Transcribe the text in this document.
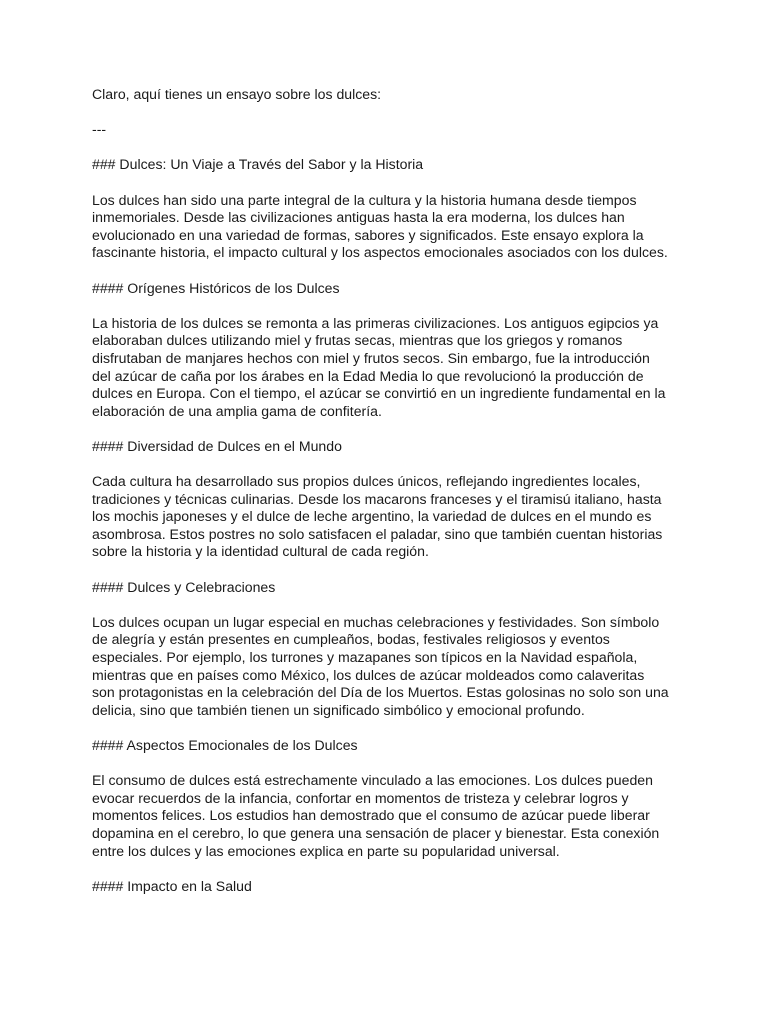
Claro, aquí tienes un ensayo sobre los dulces:

---

### Dulces: Un Viaje a Través del Sabor y la Historia

Los dulces han sido una parte integral de la cultura y la historia humana desde tiempos
inmemoriales. Desde las civilizaciones antiguas hasta la era moderna, los dulces han
evolucionado en una variedad de formas, sabores y significados. Este ensayo explora la
fascinante historia, el impacto cultural y los aspectos emocionales asociados con los dulces.

#### Orígenes Históricos de los Dulces

La historia de los dulces se remonta a las primeras civilizaciones. Los antiguos egipcios ya
elaboraban dulces utilizando miel y frutas secas, mientras que los griegos y romanos
disfrutaban de manjares hechos con miel y frutos secos. Sin embargo, fue la introducción
del azúcar de caña por los árabes en la Edad Media lo que revolucionó la producción de
dulces en Europa. Con el tiempo, el azúcar se convirtió en un ingrediente fundamental en la
elaboración de una amplia gama de confitería.

#### Diversidad de Dulces en el Mundo

Cada cultura ha desarrollado sus propios dulces únicos, reflejando ingredientes locales,
tradiciones y técnicas culinarias. Desde los macarons franceses y el tiramisú italiano, hasta
los mochis japoneses y el dulce de leche argentino, la variedad de dulces en el mundo es
asombrosa. Estos postres no solo satisfacen el paladar, sino que también cuentan historias
sobre la historia y la identidad cultural de cada región.

#### Dulces y Celebraciones

Los dulces ocupan un lugar especial en muchas celebraciones y festividades. Son símbolo
de alegría y están presentes en cumpleaños, bodas, festivales religiosos y eventos
especiales. Por ejemplo, los turrones y mazapanes son típicos en la Navidad española,
mientras que en países como México, los dulces de azúcar moldeados como calaveritas
son protagonistas en la celebración del Día de los Muertos. Estas golosinas no solo son una
delicia, sino que también tienen un significado simbólico y emocional profundo.

#### Aspectos Emocionales de los Dulces

El consumo de dulces está estrechamente vinculado a las emociones. Los dulces pueden
evocar recuerdos de la infancia, confortar en momentos de tristeza y celebrar logros y
momentos felices. Los estudios han demostrado que el consumo de azúcar puede liberar
dopamina en el cerebro, lo que genera una sensación de placer y bienestar. Esta conexión
entre los dulces y las emociones explica en parte su popularidad universal.

#### Impacto en la Salud
